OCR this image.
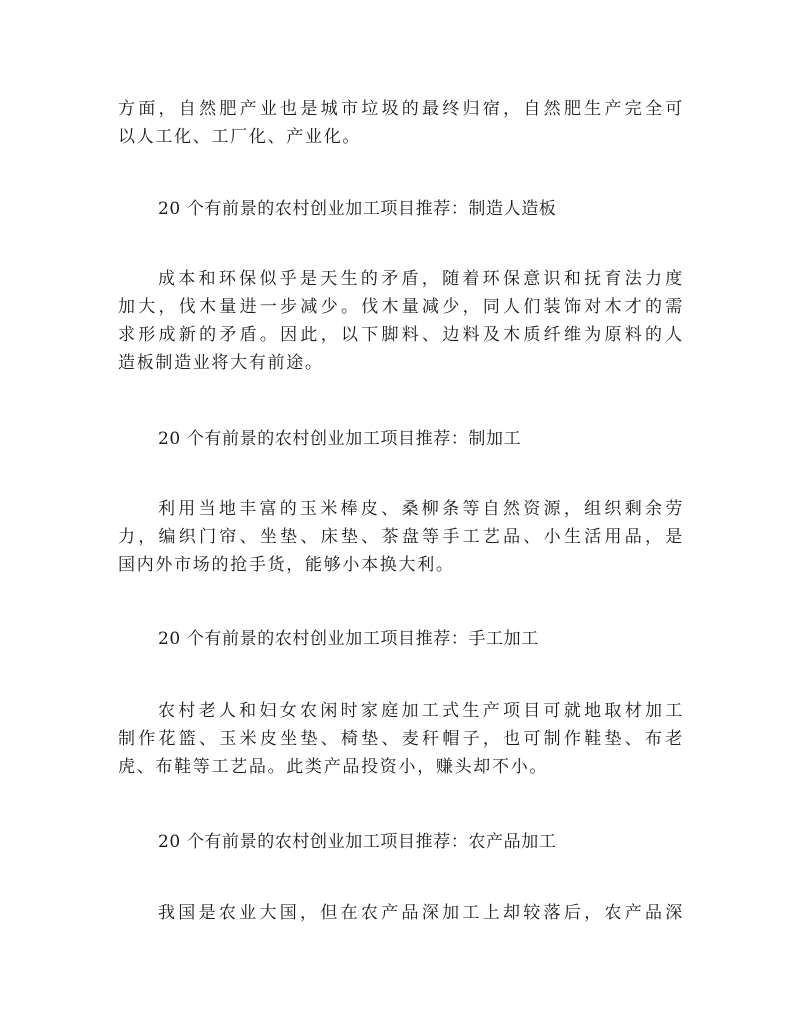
方面，自然肥产业也是城市垃圾的最终归宿，自然肥生产完全可
以人工化、工厂化、产业化。
20 个有前景的农村创业加工项目推荐：制造人造板
成本和环保似乎是天生的矛盾，随着环保意识和抚育法力度
加大，伐木量进一步减少。伐木量减少，同人们装饰对木才的需
求形成新的矛盾。因此，以下脚料、边料及木质纤维为原料的人
造板制造业将大有前途。
20 个有前景的农村创业加工项目推荐：制加工
利用当地丰富的玉米棒皮、桑柳条等自然资源，组织剩余劳
力，编织门帘、坐垫、床垫、茶盘等手工艺品、小生活用品，是
国内外市场的抢手货，能够小本换大利。
20 个有前景的农村创业加工项目推荐：手工加工
农村老人和妇女农闲时家庭加工式生产项目可就地取材加工
制作花篮、玉米皮坐垫、椅垫、麦秆帽子，也可制作鞋垫、布老
虎、布鞋等工艺品。此类产品投资小，赚头却不小。
20 个有前景的农村创业加工项目推荐：农产品加工
我国是农业大国，但在农产品深加工上却较落后，农产品深
